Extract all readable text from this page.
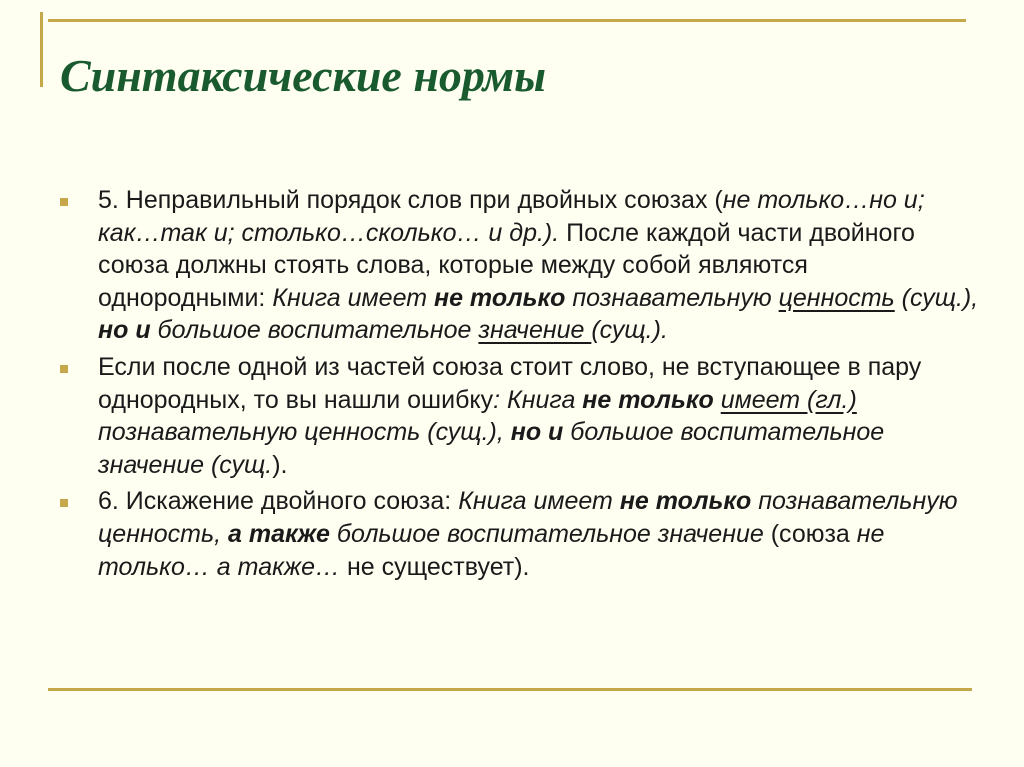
Синтаксические нормы
5. Неправильный порядок слов при двойных союзах (не только…но и; как…так и; столько…сколько… и др.). После каждой части двойного союза должны стоять слова, которые между собой являются однородными: Книга имеет не только познавательную ценность (сущ.), но и большое воспитательное значение (сущ.).
Если после одной из частей союза стоит слово, не вступающее в пару однородных, то вы нашли ошибку: Книга не только имеет (гл.) познавательную ценность (сущ.), но и большое воспитательное значение (сущ.).
6. Искажение двойного союза: Книга имеет не только познавательную ценность, а также большое воспитательное значение (союза не только… а также… не существует).
